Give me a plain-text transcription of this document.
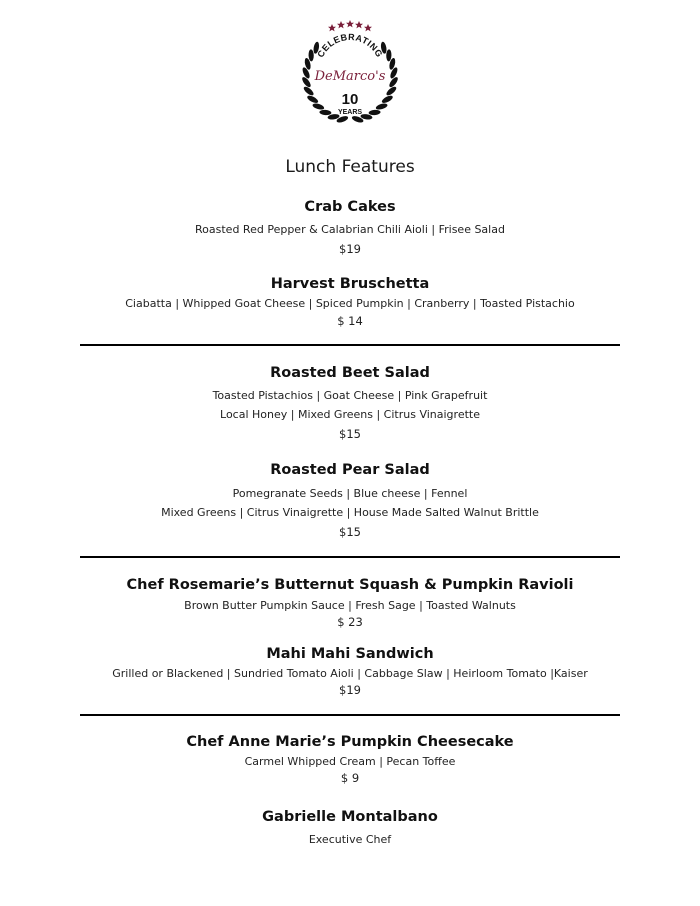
CELEBRATING
DeMarco's
10
YEARS
Lunch Features
Crab Cakes
Roasted Red Pepper & Calabrian Chili Aioli | Frisee Salad
$19
Harvest Bruschetta
Ciabatta | Whipped Goat Cheese | Spiced Pumpkin | Cranberry | Toasted Pistachio
$ 14
Roasted Beet Salad
Toasted Pistachios | Goat Cheese | Pink Grapefruit
Local Honey | Mixed Greens | Citrus Vinaigrette
$15
Roasted Pear Salad
Pomegranate Seeds | Blue cheese | Fennel
Mixed Greens | Citrus Vinaigrette | House Made Salted Walnut Brittle
$15
Chef Rosemarie’s Butternut Squash & Pumpkin Ravioli
Brown Butter Pumpkin Sauce | Fresh Sage | Toasted Walnuts
$ 23
Mahi Mahi Sandwich
Grilled or Blackened | Sundried Tomato Aioli | Cabbage Slaw | Heirloom Tomato |Kaiser
$19
Chef Anne Marie’s Pumpkin Cheesecake
Carmel Whipped Cream | Pecan Toffee
$ 9
Gabrielle Montalbano
Executive Chef
